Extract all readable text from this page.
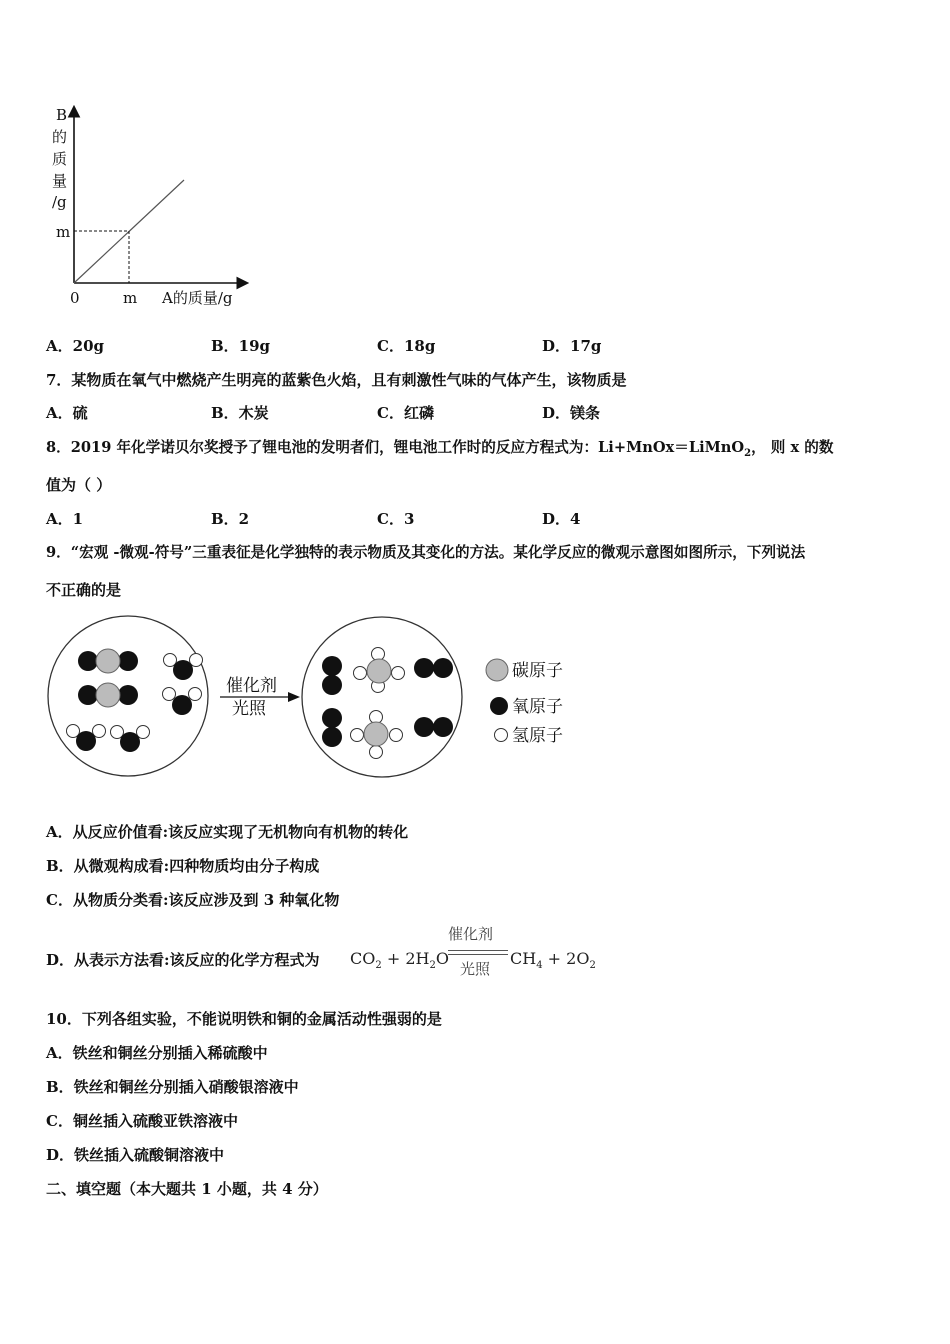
B
的
质
量
/g
m
0	m A的质量/g
A．20g	B．19g	C．18g	D．17g
7．某物质在氧气中燃烧产生明亮的蓝紫色火焰，且有刺激性气味的气体产生，该物质是
A．硫	B．木炭	C．红磷	D．镁条
8．2019 年化学诺贝尔奖授予了锂电池的发明者们，锂电池工作时的反应方程式为：Li+MnOx＝LiMnO$_2$， 则 x 的数
值为（ ）
A．1	B．2	C．3	D．4
9．“宏观 -微观-符号”三重表征是化学独特的表示物质及其变化的方法。某化学反应的微观示意图如图所示，下列说法
不正确的是
催化剂
光照
碳原子
氧原子
氢原子
A．从反应价值看:该反应实现了无机物向有机物的转化
B．从微观构成看:四种物质均由分子构成
C．从物质分类看:该反应涉及到 3 种氧化物
D．从表示方法看:该反应的化学方程式为 $CO_2 + 2H_2O$
催化剂
光照
$CH_4 + 2O_2$
10．下列各组实验，不能说明铁和铜的金属活动性强弱的是
A．铁丝和铜丝分别插入稀硫酸中
B．铁丝和铜丝分别插入硝酸银溶液中
C．铜丝插入硫酸亚铁溶液中
D．铁丝插入硫酸铜溶液中
二、填空题（本大题共 1 小题，共 4 分）
